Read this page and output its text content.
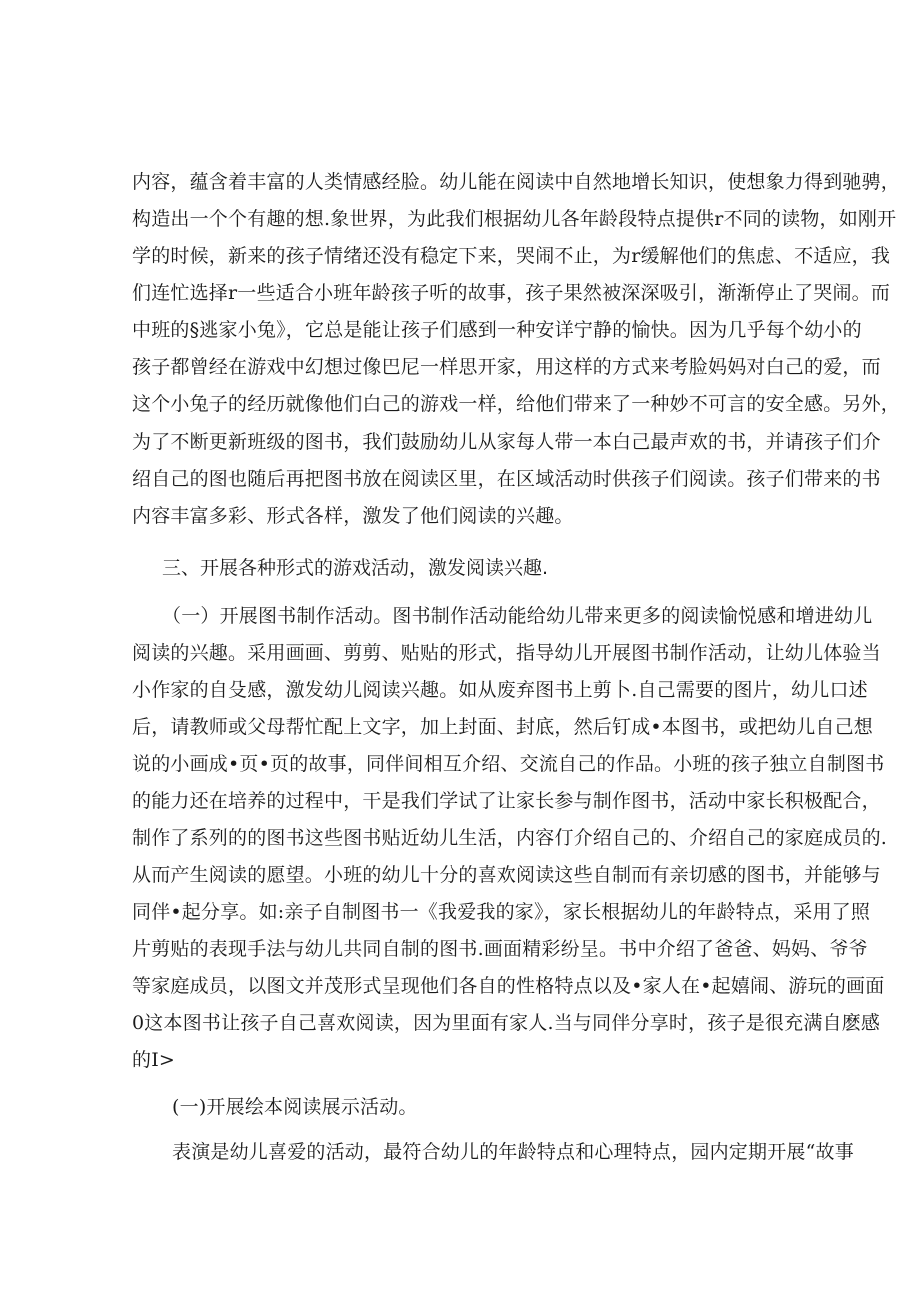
内容，蕴含着丰富的人类情感经脸。幼儿能在阅读中自然地增长知识，使想象力得到驰骋，
构造出一个个有趣的想.象世界，为此我们根据幼儿各年龄段特点提供r不同的读物，如刚开
学的时候，新来的孩子情绪还没有稳定下来，哭闹不止，为r缓解他们的焦虑、不适应，我
们连忙选择r一些适合小班年龄孩子听的故事，孩子果然被深深吸引，渐渐停止了哭闹。而
中班的§逃家小兔》，它总是能让孩子们感到一种安详宁静的愉快。因为几乎每个幼小的
孩子都曾经在游戏中幻想过像巴尼一样思开家，用这样的方式来考脸妈妈对白己的爱，而
这个小兔子的经历就像他们白己的游戏一样，给他们带来了一种妙不可言的安全感。另外，
为了不断更新班级的图书，我们鼓励幼儿从家每人带一本白己最声欢的书，并请孩子们介
绍自己的图也随后再把图书放在阅读区里，在区域活动时供孩子们阅读。孩子们带来的书
内容丰富多彩、形式各样，激发了他们阅读的兴趣。
三、开展各种形式的游戏活动，激发阅读兴趣.
（一）开展图书制作活动。图书制作活动能给幼儿带来更多的阅读愉悦感和增进幼儿
阅读的兴趣。采用画画、剪剪、贴贴的形式，指导幼儿开展图书制作活动，让幼儿体验当
小作家的自殳感，激发幼儿阅读兴趣。如从废弃图书上剪卜.自己需要的图片，幼儿口述
后，请教师或父母帮忙配上文字，加上封面、封底，然后钉成•本图书，或把幼儿自己想
说的小画成•页•页的故事，同伴间相互介绍、交流自己的作品。小班的孩子独立自制图书
的能力还在培养的过程中，干是我们学试了让家长参与制作图书，活动中家长积极配合，
制作了系列的的图书这些图书贴近幼儿生活，内容仃介绍自己的、介绍自己的家庭成员的.
从而产生阅读的愿望。小班的幼儿十分的喜欢阅读这些自制而有亲切感的图书，并能够与
同伴•起分享。如:亲子自制图书一《我爱我的家》，家长根据幼儿的年龄特点，采用了照
片剪贴的表现手法与幼儿共同自制的图书.画面精彩纷呈。书中介绍了爸爸、妈妈、爷爷
等家庭成员，以图文并茂形式呈现他们各自的性格特点以及•家人在•起嬉闹、游玩的画面
0这本图书让孩子自己喜欢阅读，因为里面有家人.当与同伴分享时，孩子是很充满自麽感
的I>
(一)开展绘本阅读展示活动。
表演是幼儿喜爱的活动，最符合幼儿的年龄特点和心理特点，园内定期开展“故事
